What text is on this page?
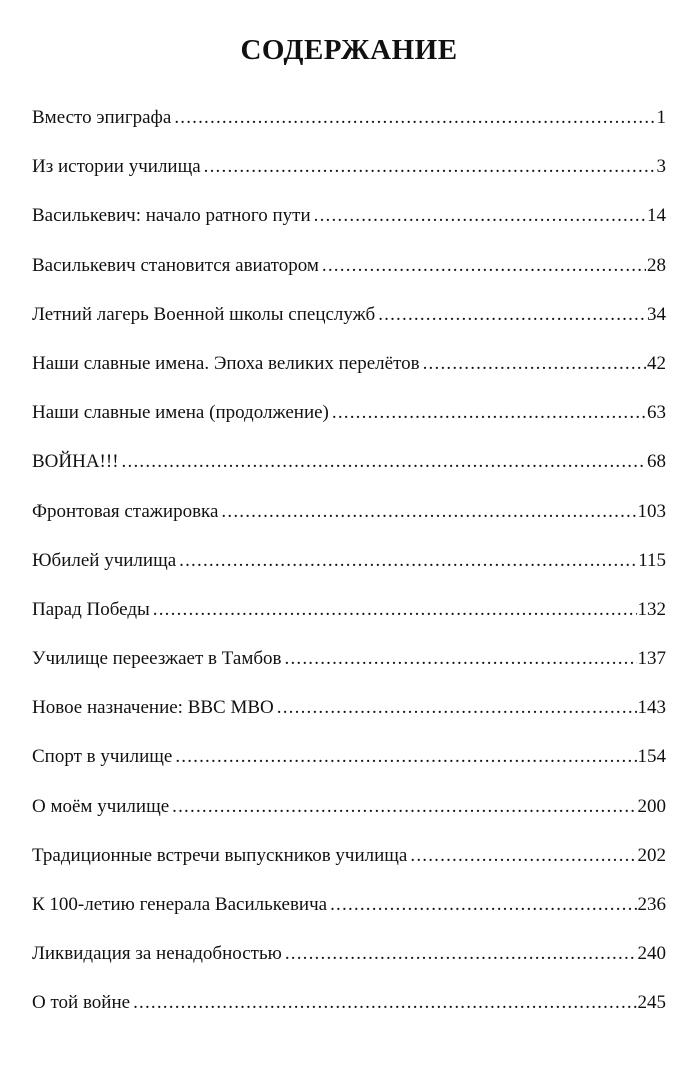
СОДЕРЖАНИЕ
Вместо эпиграфа .....	1
Из истории училища .....	3
Василькевич: начало ратного пути .....	14
Василькевич становится авиатором .....	28
Летний лагерь Военной школы спецслужб .....	34
Наши славные имена. Эпоха великих перелётов .....	42
Наши славные имена (продолжение) .....	63
ВОЙНА!!! .....	68
Фронтовая стажировка .....	103
Юбилей училища .....	115
Парад Победы .....	132
Училище переезжает в Тамбов .....	137
Новое назначение: ВВС МВО .....	143
Спорт в училище .....	154
О моём училище .....	200
Традиционные встречи выпускников училища .....	202
К 100-летию генерала Василькевича .....	236
Ликвидация за ненадобностью .....	240
О той войне .....	245
